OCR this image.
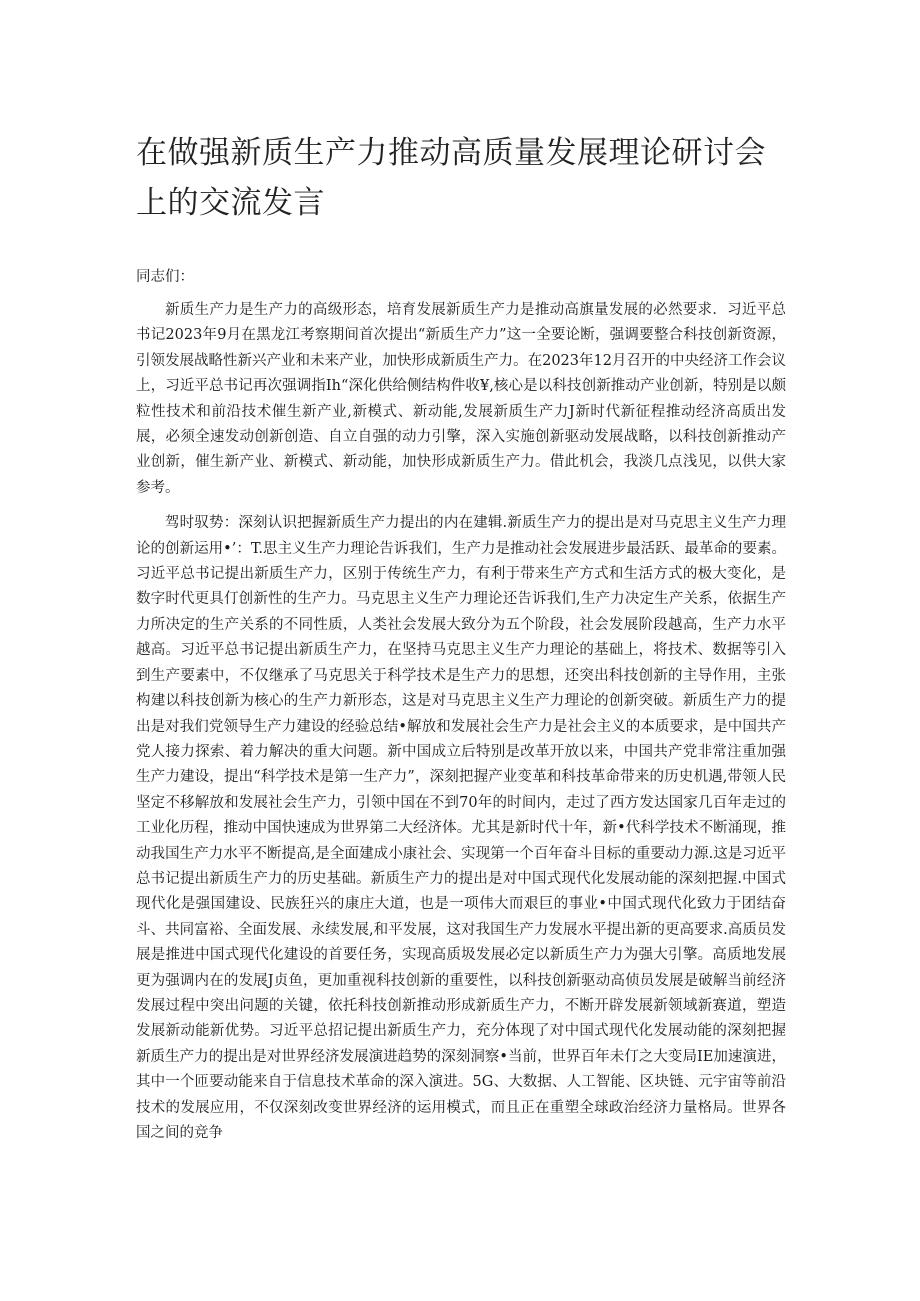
在做强新质生产力推动高质量发展理论研讨会上的交流发言

同志们：

新质生产力是生产力的高级形态，培育发展新质生产力是推动高旗量发展的必然要求．习近平总书记2023年9月在黑龙江考察期间首次提出“新质生产力”这一全要论断，强调要整合科技创新资源，引领发展战略性新兴产业和未来产业，加快形成新质生产力。在2023年12月召开的中央经济工作会议上，习近平总书记再次强调指Ih“深化供给侧结构件收¥,核心是以科技创新推动产业创新，特别是以颇粒性技术和前沿技术催生新产业,新模式、新动能,发展新质生产力J新时代新征程推动经济高质出发展，必须全速发动创新创造、自立自强的动力引擎，深入实施创新驱动发展战略，以科技创新推动产业创新，催生新产业、新模式、新动能，加快形成新质生产力。借此机会，我淡几点浅见，以供大家参考。

驾时驭势：深刻认识把握新质生产力提出的内在建辑.新质生产力的提出是对马克思主义生产力理论的创新运用•’：T.思主义生产力理论告诉我们，生产力是推动社会发展进步最活跃、最革命的要素。习近平总书记提出新质生产力，区别于传统生产力，有利于带来生产方式和生活方式的极大变化，是数字时代更具仃创新性的生产力。马克思主义生产力理论还告诉我们,生产力决定生产关系，依据生产力所决定的生产关系的不同性质，人类社会发展大致分为五个阶段，社会发展阶段越高，生产力水平越高。习近平总书记提出新质生产力，在坚持马克思主义生产力理论的基础上，将技术、数据等引入到生产要素中，不仅继承了马克思关于科学技术是生产力的思想，还突出科技创新的主导作用，主张构建以科技创新为核心的生产力新形态，这是对马克思主义生产力理论的创新突破。新质生产力的提出是对我们党领导生产力建设的经验总结•解放和发展社会生产力是社会主义的本质要求，是中国共产党人接力探索、着力解决的重大问题。新中国成立后特别是改革开放以来，中国共产党非常注重加强生产力建设，提出“科学技术是第一生产力”，深刻把握产业变革和科技革命带来的历史机遇,带领人民坚定不移解放和发展社会生产力，引领中国在不到70年的时间内，走过了西方发达国家几百年走过的工业化历程，推动中国快速成为世界第二大经济体。尤其是新时代十年，新•代科学技术不断涌现，推动我国生产力水平不断提高,是全面建成小康社会、实现第一个百年奋斗目标的重要动力源.这是习近平总书记提出新质生产力的历史基础。新质生产力的提出是对中国式现代化发展动能的深刻把握.中国式现代化是强国建设、民族狂兴的康庄大道，也是一项伟大而艰巨的事业•中国式现代化致力于团结奋斗、共同富裕、全面发展、永续发展,和平发展，这对我国生产力发展水平提出新的更高要求.高质员发展是推进中国式现代化建设的首要任务，实现高质圾发展必定以新质生产力为强大引擎。高质地发展更为强调内在的发展J贞鱼，更加重视科技创新的重要性，以科技创新驱动高侦员发展是破解当前经济发展过程中突出问题的关键，依托科技创新推动形成新质生产力，不断开辟发展新领域新赛道，塑造发展新动能新优势。习近平总招记提出新质生产力，充分体现了对中国式现代化发展动能的深刻把握新质生产力的提出是对世界经济发展演进趋势的深刻洞察•当前，世界百年未仃之大变局IE加速演进，其中一个匝要动能来自于信息技术革命的深入演进。5G、大数据、人工智能、区块链、元宇宙等前沿技术的发展应用，不仅深刻改变世界经济的运用模式，而且正在重塑全球政治经济力量格局。世界各国之间的竞争
